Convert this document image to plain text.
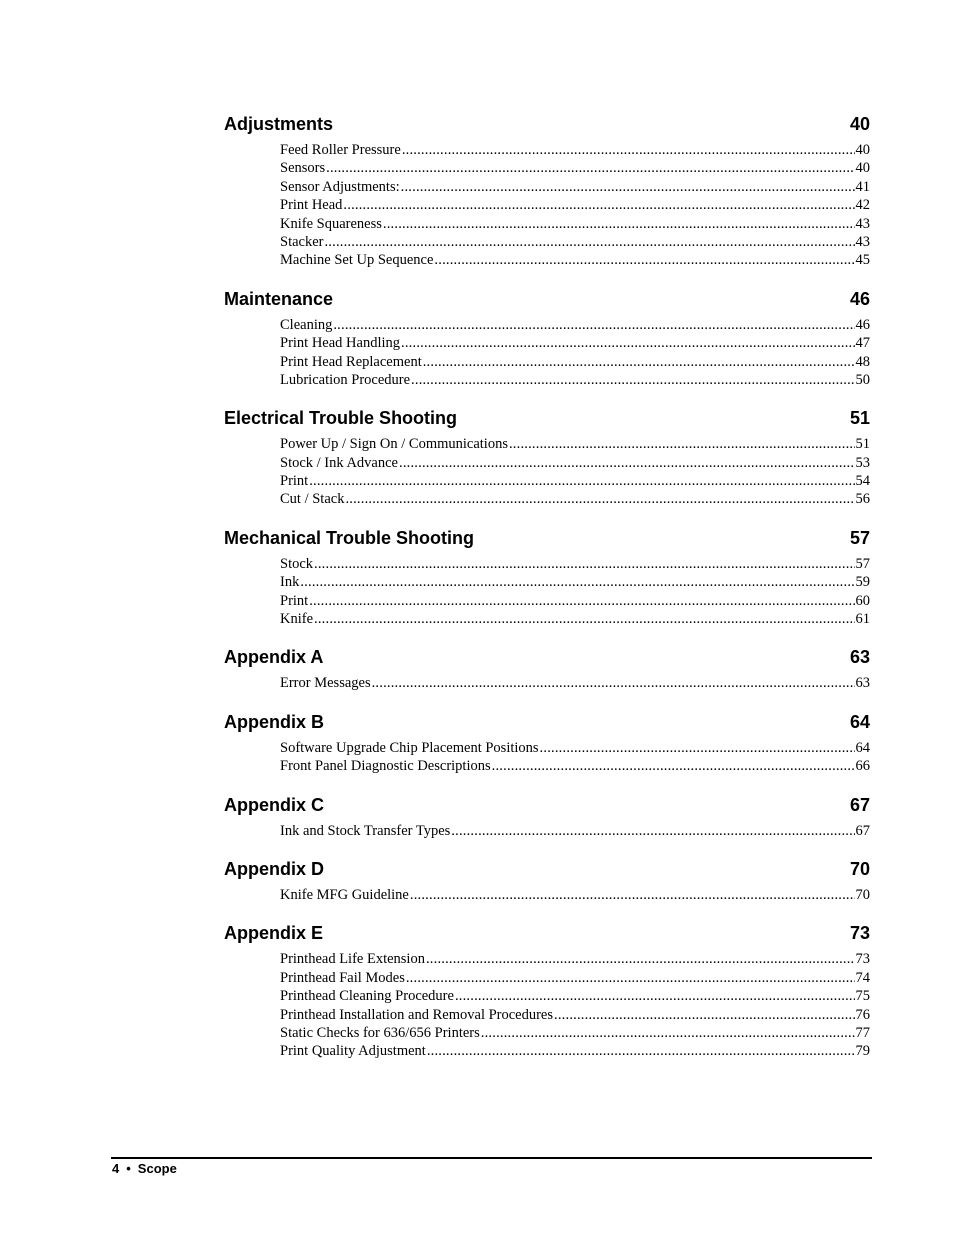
Adjustments	40
Feed Roller Pressure .....	40
Sensors .....	40
Sensor Adjustments: .....	41
Print Head .....	42
Knife Squareness .....	43
Stacker .....	43
Machine Set Up Sequence .....	45
Maintenance	46
Cleaning .....	46
Print Head Handling .....	47
Print Head Replacement .....	48
Lubrication Procedure .....	50
Electrical Trouble Shooting	51
Power Up / Sign On / Communications .....	51
Stock / Ink Advance .....	53
Print .....	54
Cut / Stack .....	56
Mechanical Trouble Shooting	57
Stock .....	57
Ink .....	59
Print .....	60
Knife .....	61
Appendix A	63
Error Messages .....	63
Appendix B	64
Software Upgrade Chip Placement Positions .....	64
Front Panel Diagnostic Descriptions .....	66
Appendix C	67
Ink and Stock Transfer Types .....	67
Appendix D	70
Knife MFG Guideline .....	70
Appendix E	73
Printhead Life Extension .....	73
Printhead Fail Modes .....	74
Printhead Cleaning Procedure .....	75
Printhead Installation and Removal Procedures .....	76
Static Checks for 636/656 Printers .....	77
Print Quality Adjustment .....	79
4 • Scope
